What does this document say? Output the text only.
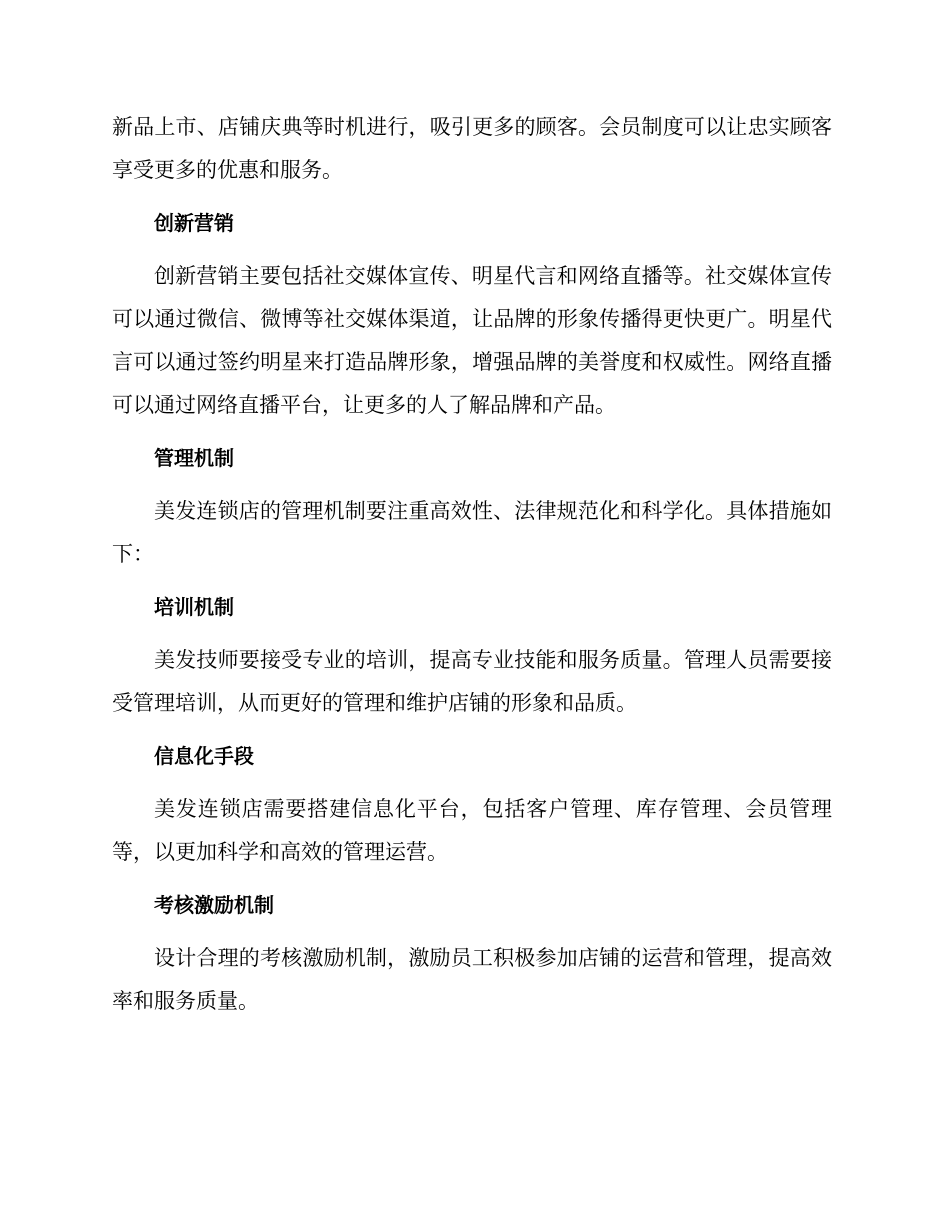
新品上市、店铺庆典等时机进行，吸引更多的顾客。会员制度可以让忠实顾客享受更多的优惠和服务。

创新营销

创新营销主要包括社交媒体宣传、明星代言和网络直播等。社交媒体宣传可以通过微信、微博等社交媒体渠道，让品牌的形象传播得更快更广。明星代言可以通过签约明星来打造品牌形象，增强品牌的美誉度和权威性。网络直播可以通过网络直播平台，让更多的人了解品牌和产品。

管理机制

美发连锁店的管理机制要注重高效性、法律规范化和科学化。具体措施如下：

培训机制

美发技师要接受专业的培训，提高专业技能和服务质量。管理人员需要接受管理培训，从而更好的管理和维护店铺的形象和品质。

信息化手段

美发连锁店需要搭建信息化平台，包括客户管理、库存管理、会员管理等，以更加科学和高效的管理运营。

考核激励机制

设计合理的考核激励机制，激励员工积极参加店铺的运营和管理，提高效率和服务质量。
